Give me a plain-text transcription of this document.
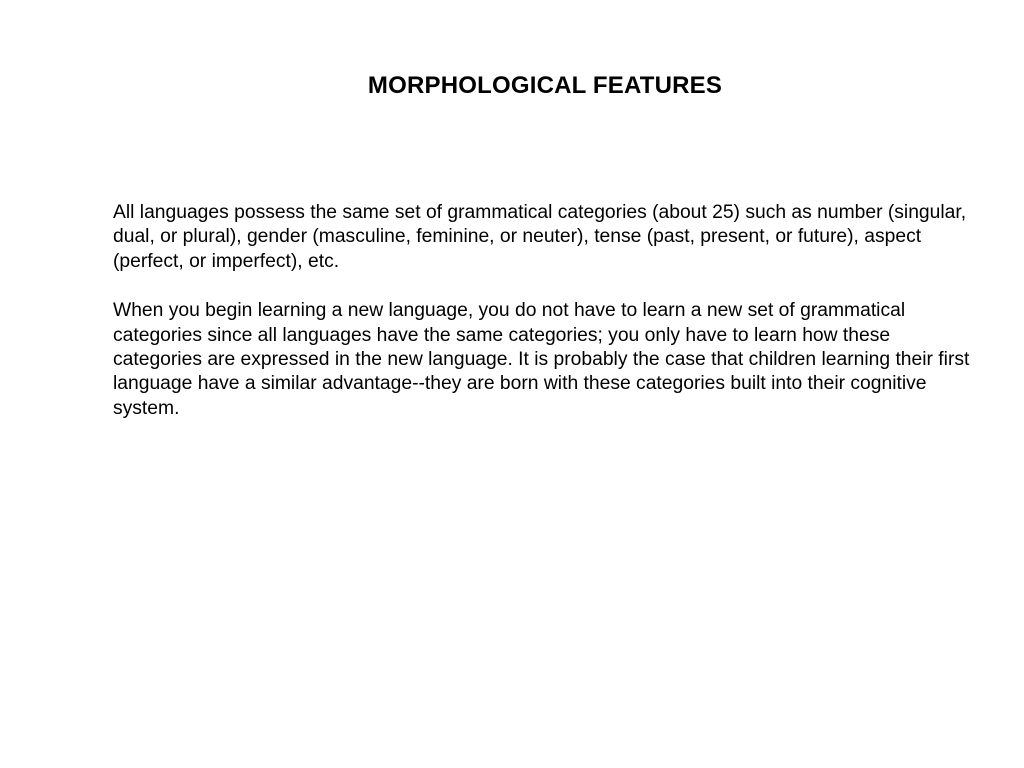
MORPHOLOGICAL FEATURES

All languages possess the same set of grammatical categories (about 25) such as number (singular, dual, or plural), gender (masculine, feminine, or neuter), tense (past, present, or future), aspect (perfect, or imperfect), etc.

When you begin learning a new language, you do not have to learn a new set of grammatical categories since all languages have the same categories; you only have to learn how these categories are expressed in the new language. It is probably the case that children learning their first language have a similar advantage--they are born with these categories built into their cognitive system.
